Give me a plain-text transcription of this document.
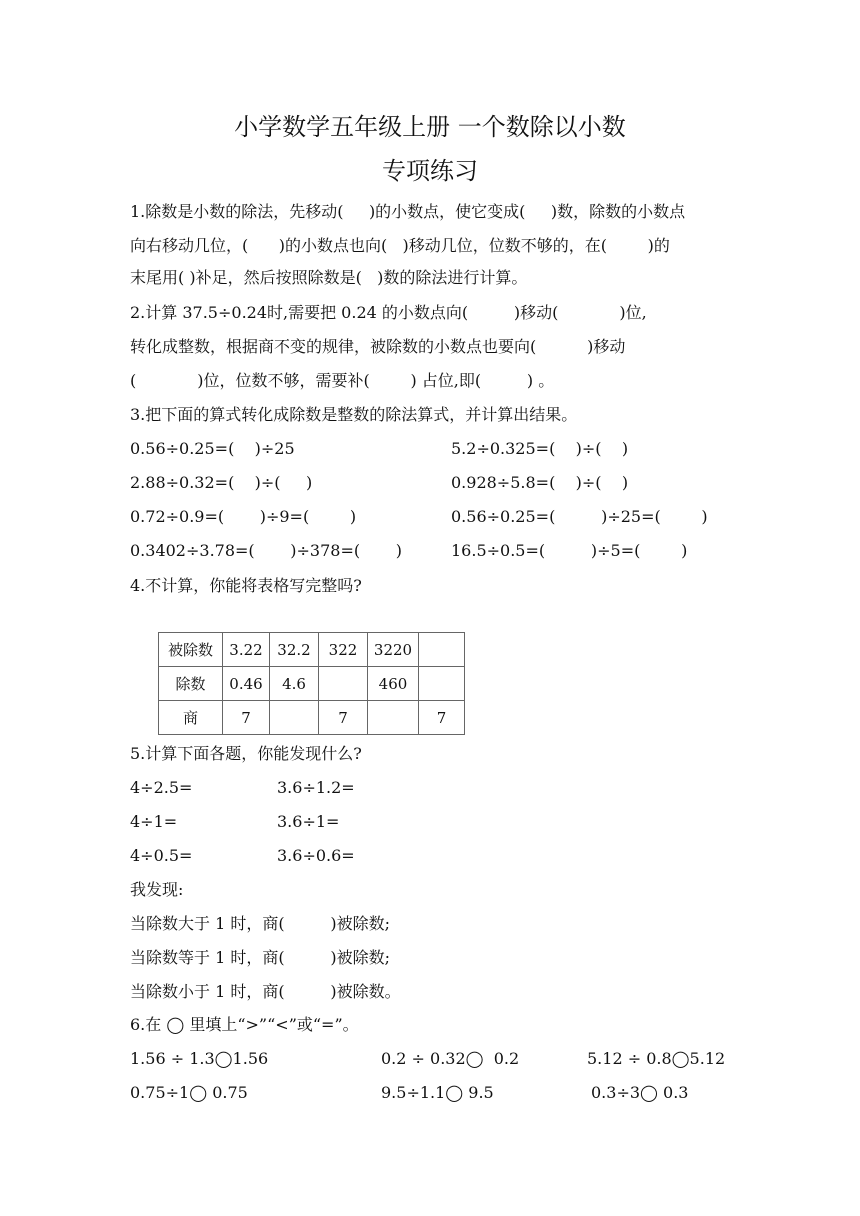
小学数学五年级上册 一个数除以小数
专项练习
1.除数是小数的除法，先移动(     )的小数点，使它变成(     )数，除数的小数点
向右移动几位，(      )的小数点也向(   )移动几位，位数不够的，在(        )的
末尾用( )补足，然后按照除数是(   )数的除法进行计算。
2.计算 37.5÷0.24时,需要把 0.24 的小数点向(         )移动(            )位,
转化成整数，根据商不变的规律，被除数的小数点也要向(          )移动
(            )位，位数不够，需要补(        ) 占位,即(         ) 。
3.把下面的算式转化成除数是整数的除法算式，并计算出结果。
0.56÷0.25=(    )÷25	5.2÷0.325=(    )÷(    )
2.88÷0.32=(    )÷(     )	0.928÷5.8=(    )÷(    )
0.72÷0.9=(       )÷9=(        )	0.56÷0.25=(         )÷25=(        )
0.3402÷3.78=(       )÷378=(       )	16.5÷0.5=(         )÷5=(        )
4.不计算，你能将表格写完整吗?
被除数	3.22	32.2	322	3220	
除数	0.46	4.6		460	
商	7		7		7
5.计算下面各题，你能发现什么?
4÷2.5=	3.6÷1.2=
4÷1=	3.6÷1=
4÷0.5=	3.6÷0.6=
我发现:
当除数大于 1 时，商(         )被除数;
当除数等于 1 时，商(         )被除数;
当除数小于 1 时，商(         )被除数。
6.在 ◯ 里填上“>”“<”或“=”。
1.56 ÷ 1.3◯1.56	0.2 ÷ 0.32◯  0.2	5.12 ÷ 0.8◯5.12
0.75÷1◯ 0.75	9.5÷1.1◯ 9.5	0.3÷3◯ 0.3
